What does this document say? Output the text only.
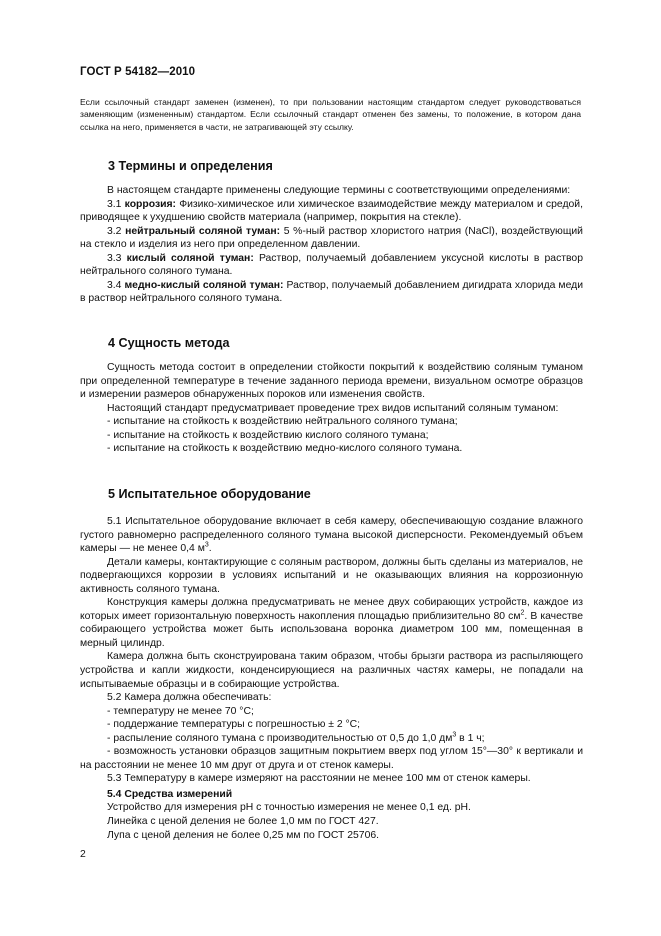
ГОСТ Р 54182—2010
Если ссылочный стандарт заменен (изменен), то при пользовании настоящим стандартом следует руководствоваться заменяющим (измененным) стандартом. Если ссылочный стандарт отменен без замены, то положение, в котором дана ссылка на него, применяется в части, не затрагивающей эту ссылку.
3 Термины и определения

В настоящем стандарте применены следующие термины с соответствующими определениями:

3.1 коррозия: Физико-химическое или химическое взаимодействие между материалом и средой, приводящее к ухудшению свойств материала (например, покрытия на стекле).

3.2 нейтральный соляной туман: 5 %-ный раствор хлористого натрия (NaCl), воздействующий на стекло и изделия из него при определенном давлении.

3.3 кислый соляной туман: Раствор, получаемый добавлением уксусной кислоты в раствор нейтрального соляного тумана.

3.4 медно-кислый соляной туман: Раствор, получаемый добавлением дигидрата хлорида меди в раствор нейтрального соляного тумана.

4 Сущность метода

Сущность метода состоит в определении стойкости покрытий к воздействию соляным туманом при определенной температуре в течение заданного периода времени, визуальном осмотре образцов и измерении размеров обнаруженных пороков или изменения свойств.

Настоящий стандарт предусматривает проведение трех видов испытаний соляным туманом:

- испытание на стойкость к воздействию нейтрального соляного тумана;

- испытание на стойкость к воздействию кислого соляного тумана;

- испытание на стойкость к воздействию медно-кислого соляного тумана.

5 Испытательное оборудование

5.1 Испытательное оборудование включает в себя камеру, обеспечивающую создание влажного густого равномерно распределенного соляного тумана высокой дисперсности. Рекомендуемый объем камеры — не менее 0,4 $м^3$.

Детали камеры, контактирующие с соляным раствором, должны быть сделаны из материалов, не подвергающихся коррозии в условиях испытаний и не оказывающих влияния на коррозионную активность соляного тумана.

Конструкция камеры должна предусматривать не менее двух собирающих устройств, каждое из которых имеет горизонтальную поверхность накопления площадью приблизительно 80 $см^2$. В качестве собирающего устройства может быть использована воронка диаметром 100 мм, помещенная в мерный цилиндр.

Камера должна быть сконструирована таким образом, чтобы брызги раствора из распыляющего устройства и капли жидкости, конденсирующиеся на различных частях камеры, не попадали на испытываемые образцы и в собирающие устройства.

5.2 Камера должна обеспечивать:

- температуру не менее 70 °С;

- поддержание температуры с погрешностью ± 2 °С;

- распыление соляного тумана с производительностью от 0,5 до 1,0 $дм^3$ в 1 ч;

- возможность установки образцов защитным покрытием вверх под углом 15°—30° к вертикали и на расстоянии не менее 10 мм друг от друга и от стенок камеры.

5.3 Температуру в камере измеряют на расстоянии не менее 100 мм от стенок камеры.

5.4 Средства измерений

Устройство для измерения рН с точностью измерения не менее 0,1 ед. рН.

Линейка с ценой деления не более 1,0 мм по ГОСТ 427.

Лупа с ценой деления не более 0,25 мм по ГОСТ 25706.

2
